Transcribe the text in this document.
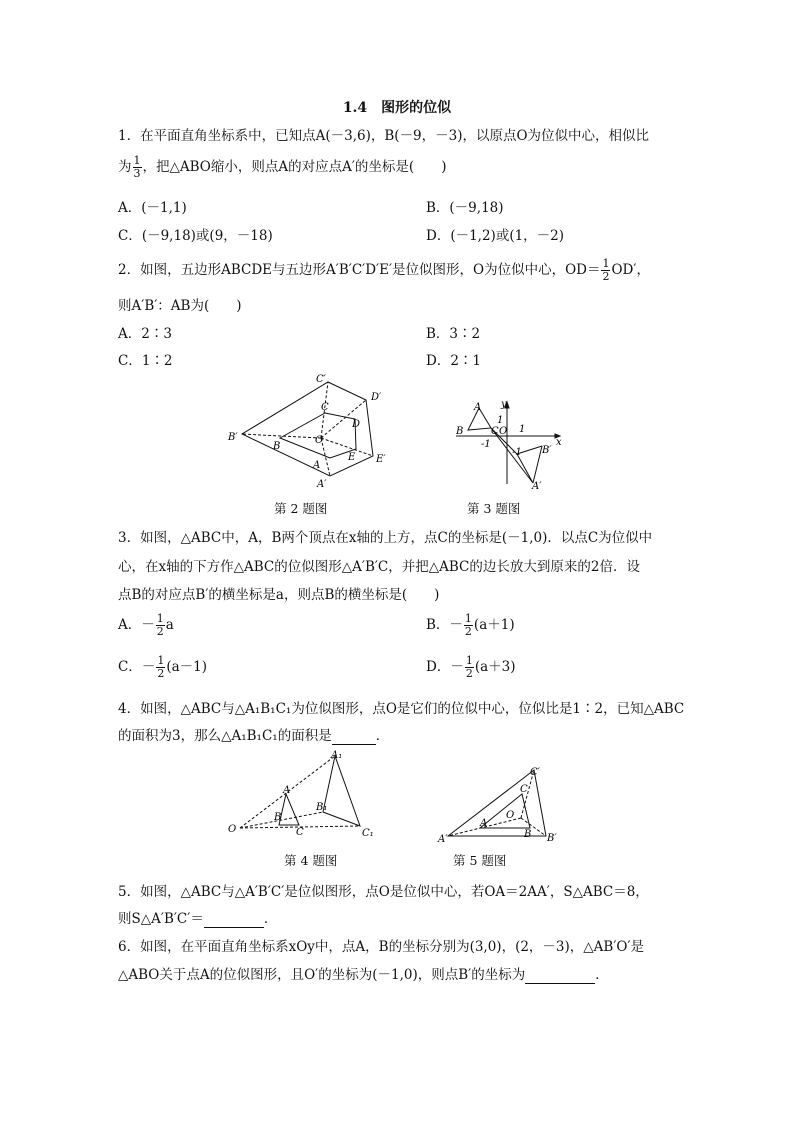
1.4　图形的位似
1．在平面直角坐标系中，已知点A(－3,6)，B(－9，－3)，以原点O为位似中心，相似比
为 $\frac{1}{3}$ ，把△ABO缩小，则点A的对应点A′的坐标是(　　)
A．(－1,1)	B．(－9,18)
C．(－9,18)或(9，－18)	D．(－1,2)或(1，－2)
2．如图，五边形ABCDE与五边形A′B′C′D′E′是位似图形，O为位似中心，$OD= \frac{1}{2} OD'$，
则A′B′：AB为(　　)
A．2∶3	B．3∶2
C．1∶2	D．2∶1
C′
D′
B′
E′
A′
C
D
B
E
A
O
第 2 题图
A
B	C O
y
x
1
1
-1
-1 B′
A′
第 3 题图
3．如图，△ABC中，A，B两个顶点在x轴的上方，点C的坐标是(－1,0)．以点C为位似中
心，在x轴的下方作△ABC的位似图形△A′B′C，并把△ABC的边长放大到原来的2倍．设
点B的对应点B′的横坐标是a，则点B的横坐标是(　　)
A．－ $\frac{1}{2}$ a	B．－ $\frac{1}{2} (a+1)$
C．－ $\frac{1}{2} (a-1)$	D．－ $\frac{1}{2} (a+3)$
4．如图，△ABC与△A₁B₁C₁为位似图形，点O是它们的位似中心，位似比是1∶2，已知△ABC
的面积为3，那么△A₁B₁C₁的面积是	．
O
A
B
C
A₁
B₁
C₁
第 4 题图
C′
C
O
A′
A
B B′
第 5 题图
5．如图，△ABC与△A′B′C′是位似图形，点O是位似中心，若OA＝2AA′，S△ABC＝8，
则S△A′B′C′＝	．
6．如图，在平面直角坐标系xOy中，点A，B的坐标分别为(3,0)，(2，－3)，△AB′O′是
△ABO关于点A的位似图形，且O′的坐标为(－1,0)，则点B′的坐标为	．
